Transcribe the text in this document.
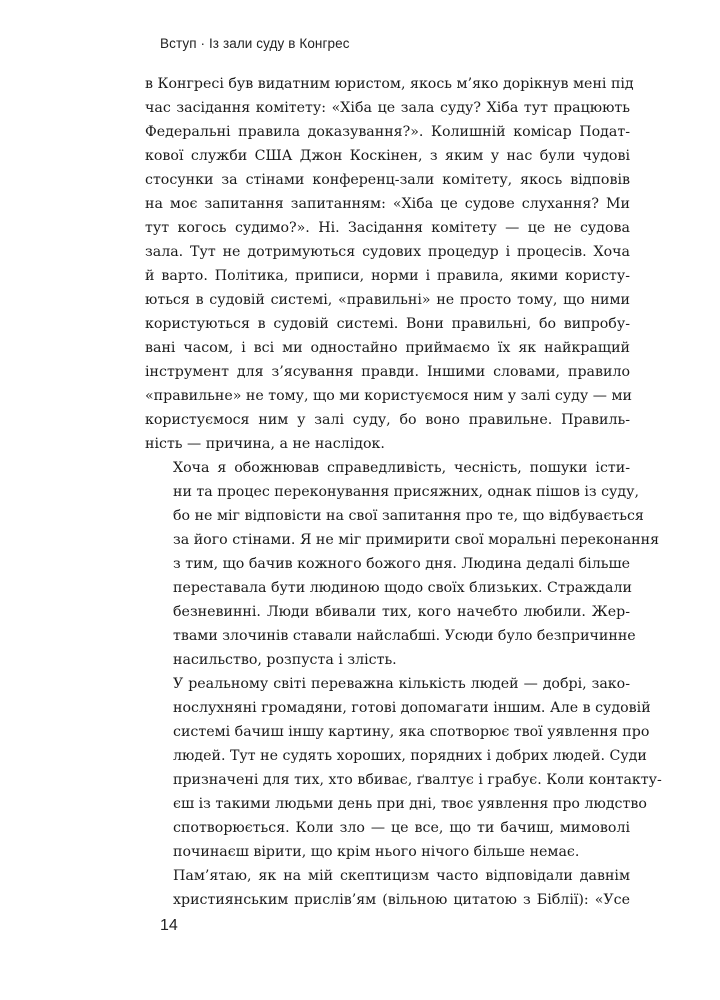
Вступ · Із зали суду в Конгрес

в Конгресі був видатним юристом, якось м’яко дорікнув мені під
час засідання комітету: «Хіба це зала суду? Хіба тут працюють
Федеральні правила доказування?». Колишній комісар Подат-
кової служби США Джон Коскінен, з яким у нас були чудові
стосунки за стінами конференц-зали комітету, якось відповів
на моє запитання запитанням: «Хіба це судове слухання? Ми
тут когось судимо?». Ні. Засідання комітету — це не судова
зала. Тут не дотримуються судових процедур і процесів. Хоча
й варто. Політика, приписи, норми і правила, якими користу-
ються в судовій системі, «правильні» не просто тому, що ними
користуються в судовій системі. Вони правильні, бо випробу-
вані часом, і всі ми одностайно приймаємо їх як найкращий
інструмент для з’ясування правди. Іншими словами, правило
«правильне» не тому, що ми користуємося ним у залі суду — ми
користуємося ним у залі суду, бо воно правильне. Правиль-
ність — причина, а не наслідок.

Хоча я обожнював справедливість, чесність, пошуки істи-
ни та процес переконування присяжних, однак пішов із суду,
бо не міг відповісти на свої запитання про те, що відбувається
за його стінами. Я не міг примирити свої моральні переконання
з тим, що бачив кожного божого дня. Людина дедалі більше
переставала бути людиною щодо своїх близьких. Страждали
безневинні. Люди вбивали тих, кого начебто любили. Жер-
твами злочинів ставали найслабші. Усюди було безпричинне
насильство, розпуста і злість.

У реальному світі переважна кількість людей — добрі, зако-
нослухняні громадяни, готові допомагати іншим. Але в судовій
системі бачиш іншу картину, яка спотворює твої уявлення про
людей. Тут не судять хороших, порядних і добрих людей. Суди
призначені для тих, хто вбиває, ґвалтує і грабує. Коли контакту-
єш із такими людьми день при дні, твоє уявлення про людство
спотворюється. Коли зло — це все, що ти бачиш, мимоволі
починаєш вірити, що крім нього нічого більше немає.

Пам’ятаю, як на мій скептицизм часто відповідали давнім
християнським прислів’ям (вільною цитатою з Біблії): «Усе

14
